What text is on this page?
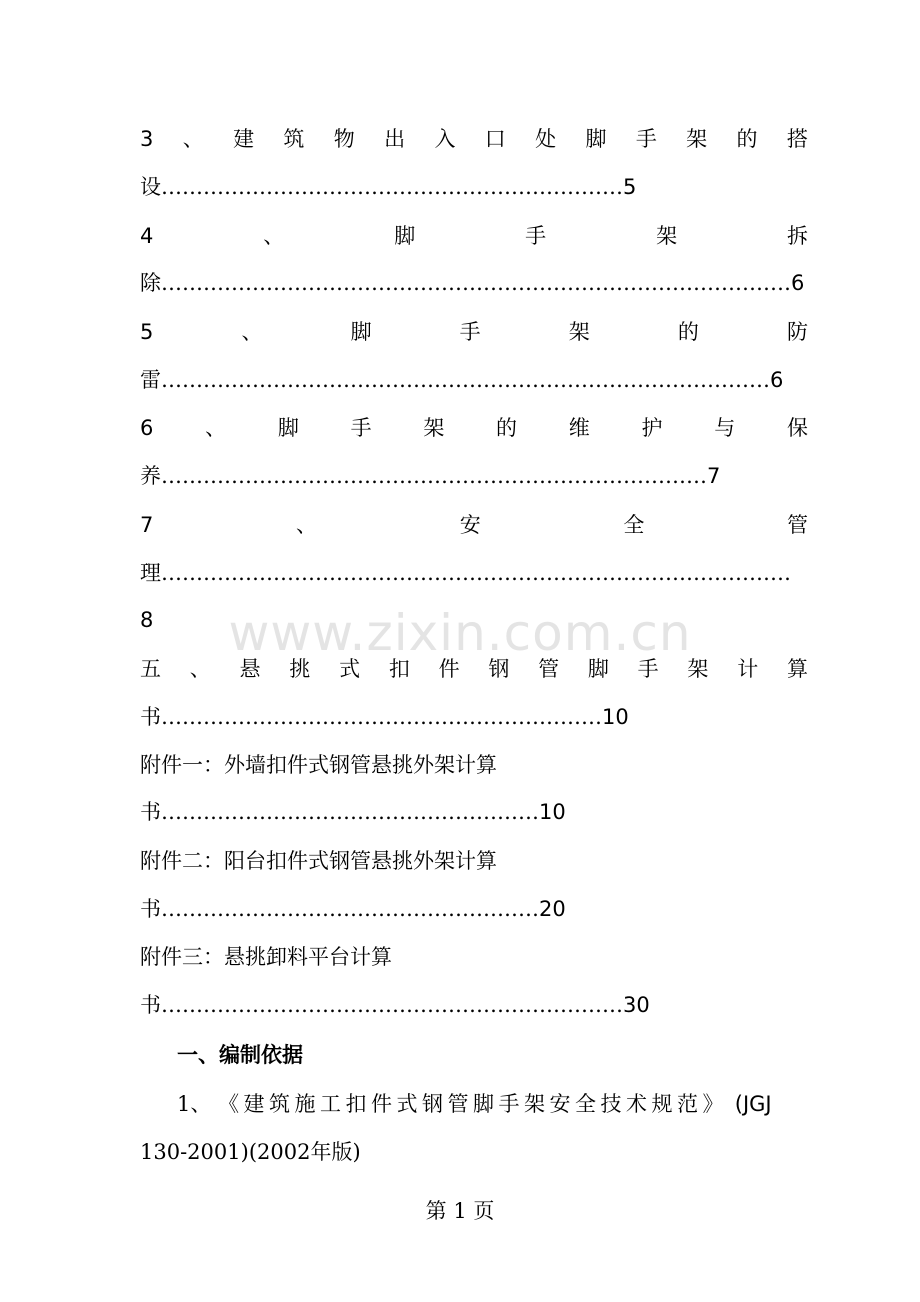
3 、 建 筑 物 出 入 口 处 脚 手 架 的 搭
设 ………………………………………………………… 5
4	、	脚	手	架	拆
除 ……………………………………………………………………………… 6
5	、	脚	手	架	的	防
雷 …………………………………………………………………………… 6
6 、 脚 手 架 的 维 护 与 保
养 …………………………………………………………………… 7
7	、	安	全	管
理 ………………………………………………………………………………
8	www.zixin.com.cn
五 、 悬 挑 式 扣 件 钢 管 脚 手 架 计 算
书 ……………………………………………………… 10
附件一：外墙扣件式钢管悬挑外架计算
书 ……………………………………………… 10
附件二：阳台扣件式钢管悬挑外架计算
书 ……………………………………………… 20
附件三：悬挑卸料平台计算
书 ………………………………………………………… 30
一、编制依据
1、 《建筑施工扣件式钢管脚手架安全技术规范》 (JGJ
130-2001)(2002年版)
第 1 页
